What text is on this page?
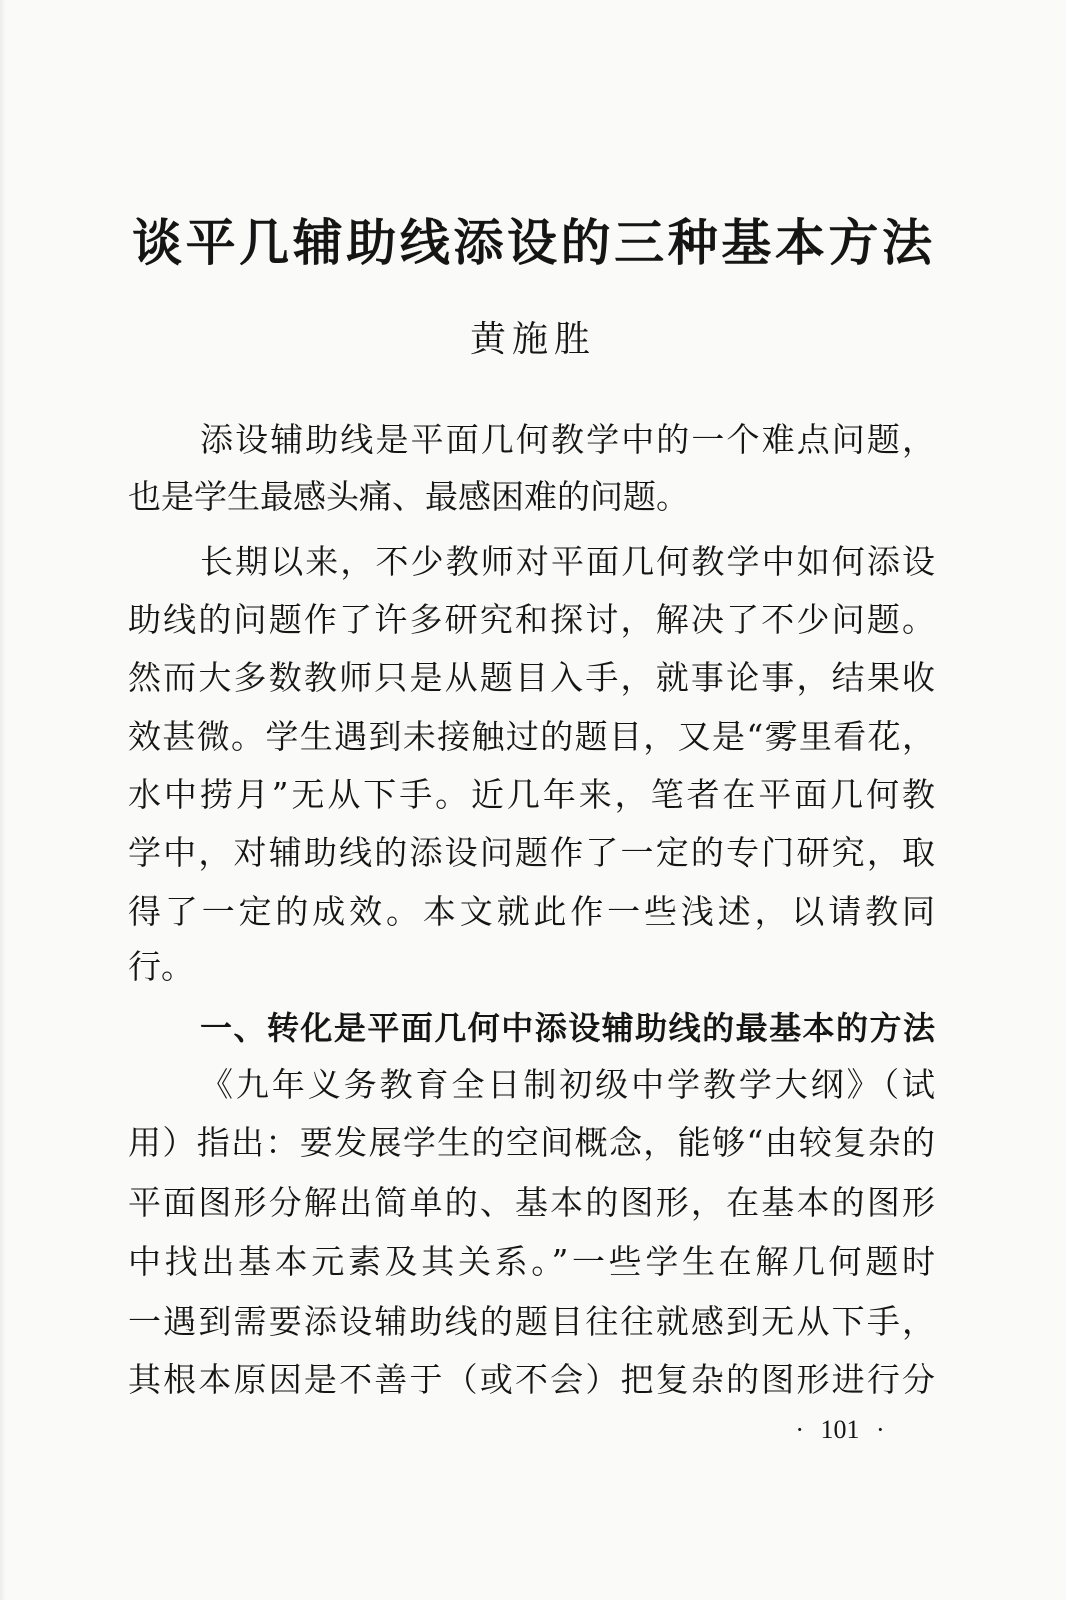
谈平几辅助线添设的三种基本方法
黄施胜
添设辅助线是平面几何教学中的一个难点问题，
也是学生最感头痛、最感困难的问题。
长期以来，不少教师对平面几何教学中如何添设
助线的问题作了许多研究和探讨，解决了不少问题。
然而大多数教师只是从题目入手，就事论事，结果收
效甚微。学生遇到未接触过的题目，又是“雾里看花，
水中捞月”无从下手。近几年来，笔者在平面几何教
学中，对辅助线的添设问题作了一定的专门研究，取
得了一定的成效。本文就此作一些浅述，以请教同
行。
一、转化是平面几何中添设辅助线的最基本的方法
《九年义务教育全日制初级中学教学大纲》（试
用）指出：要发展学生的空间概念，能够“由较复杂的
平面图形分解出简单的、基本的图形，在基本的图形
中找出基本元素及其关系。”一些学生在解几何题时
一遇到需要添设辅助线的题目往往就感到无从下手，
其根本原因是不善于（或不会）把复杂的图形进行分
· 101 ·
